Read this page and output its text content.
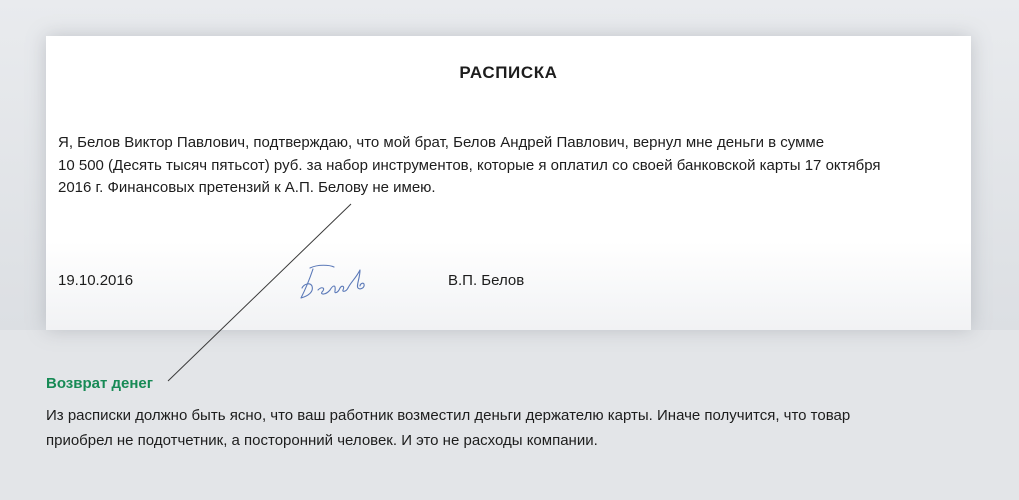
РАСПИСКА
Я, Белов Виктор Павлович, подтверждаю, что мой брат, Белов Андрей Павлович, вернул мне деньги в сумме
10 500 (Десять тысяч пятьсот) руб. за набор инструментов, которые я оплатил со своей банковской карты 17 октября
2016 г. Финансовых претензий к А.П. Белову не имею.
19.10.2016	В.П. Белов
Возврат денег
Из расписки должно быть ясно, что ваш работник возместил деньги держателю карты. Иначе получится, что товар
приобрел не подотчетник, а посторонний человек. И это не расходы компании.
